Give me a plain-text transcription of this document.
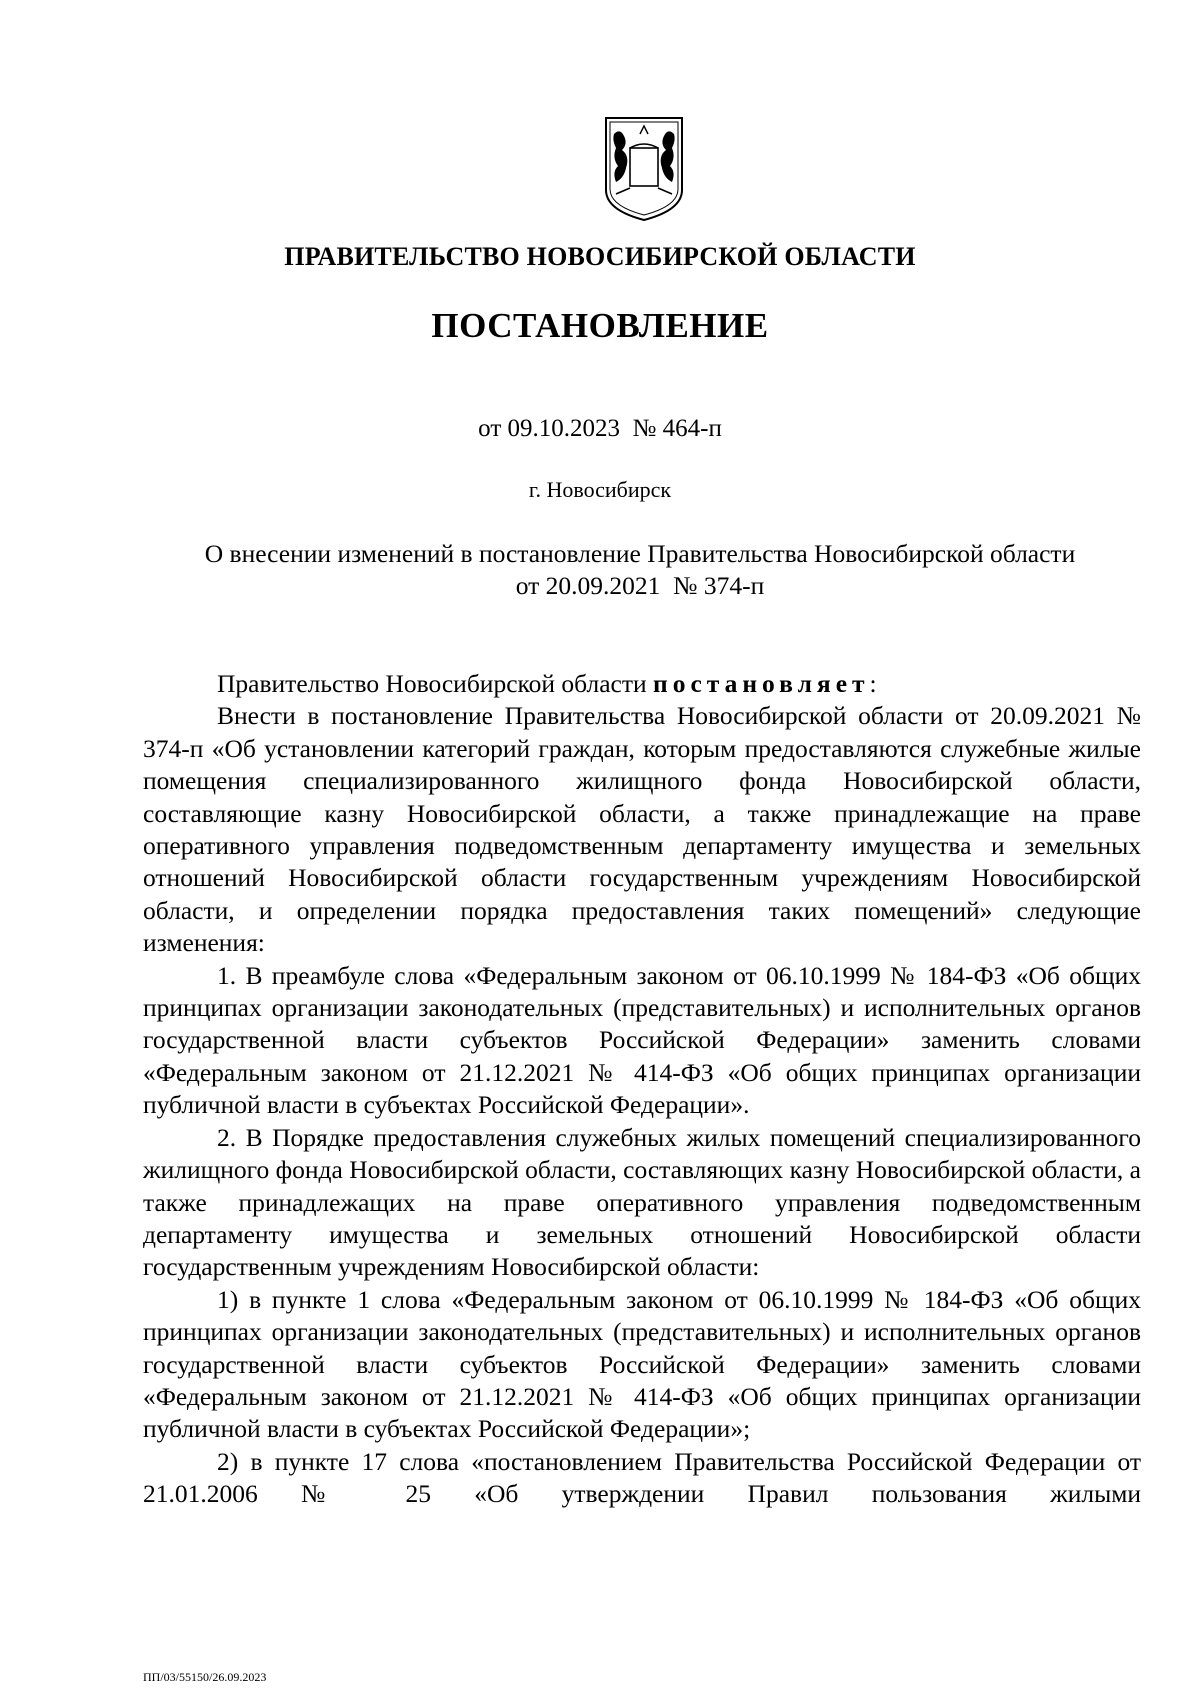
ПРАВИТЕЛЬСТВО НОВОСИБИРСКОЙ ОБЛАСТИ
ПОСТАНОВЛЕНИЕ
от 09.10.2023 № 464-п
г. Новосибирск
О внесении изменений в постановление Правительства Новосибирской области
от 20.09.2021  № 374-п

Правительство Новосибирской области постановляет:

Внести в постановление Правительства Новосибирской области от 20.09.2021 № 374-п «Об установлении категорий граждан, которым предоставляются служебные жилые помещения специализированного жилищного фонда Новосибирской области, составляющие казну Новосибирской области, а также принадлежащие на праве оперативного управления подведомственным департаменту имущества и земельных отношений Новосибирской области государственным учреждениям Новосибирской области, и определении порядка предоставления таких помещений» следующие изменения:

1. В преамбуле слова «Федеральным законом от 06.10.1999 № 184-ФЗ «Об общих принципах организации законодательных (представительных) и исполнительных органов государственной власти субъектов Российской Федерации» заменить словами «Федеральным законом от 21.12.2021 № 414-ФЗ «Об общих принципах организации публичной власти в субъектах Российской Федерации».

2. В Порядке предоставления служебных жилых помещений специализированного жилищного фонда Новосибирской области, составляющих казну Новосибирской области, а также принадлежащих на праве оперативного управления подведомственным департаменту имущества и земельных отношений Новосибирской области государственным учреждениям Новосибирской области:

1) в пункте 1 слова «Федеральным законом от 06.10.1999 № 184-ФЗ «Об общих принципах организации законодательных (представительных) и исполнительных органов государственной власти субъектов Российской Федерации» заменить словами «Федеральным законом от 21.12.2021 № 414-ФЗ «Об общих принципах организации публичной власти в субъектах Российской Федерации»;

2) в пункте 17 слова «постановлением Правительства Российской Федерации от 21.01.2006 № 25 «Об утверждении Правил пользования жилыми

ПП/03/55150/26.09.2023
